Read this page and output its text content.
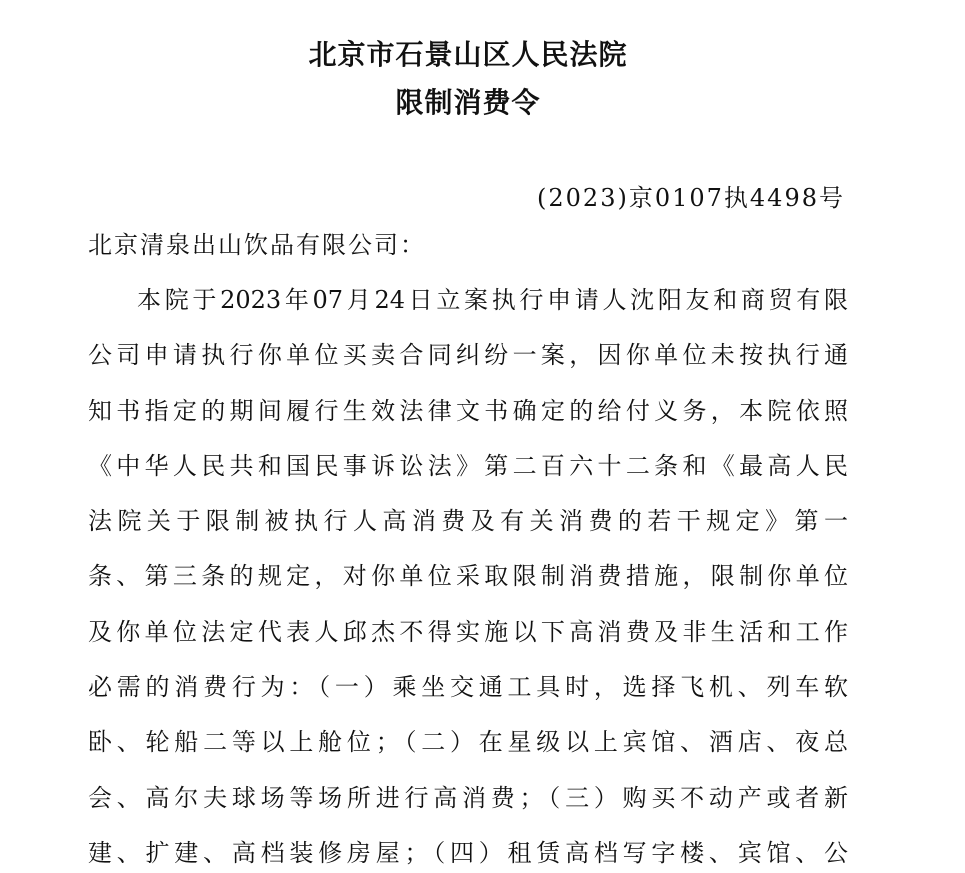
北京市石景山区人民法院
限制消费令
(2023)京0107执4498号
北京清泉出山饮品有限公司：
本院于2023年07月24日立案执行申请人沈阳友和商贸有限
公司申请执行你单位买卖合同纠纷一案，因你单位未按执行通
知书指定的期间履行生效法律文书确定的给付义务，本院依照
《中华人民共和国民事诉讼法》第二百六十二条和《最高人民
法院关于限制被执行人高消费及有关消费的若干规定》第一
条、第三条的规定，对你单位采取限制消费措施，限制你单位
及你单位法定代表人邱杰不得实施以下高消费及非生活和工作
必需的消费行为：（一）乘坐交通工具时，选择飞机、列车软
卧、轮船二等以上舱位；（二）在星级以上宾馆、酒店、夜总
会、高尔夫球场等场所进行高消费；（三）购买不动产或者新
建、扩建、高档装修房屋；（四）租赁高档写字楼、宾馆、公
